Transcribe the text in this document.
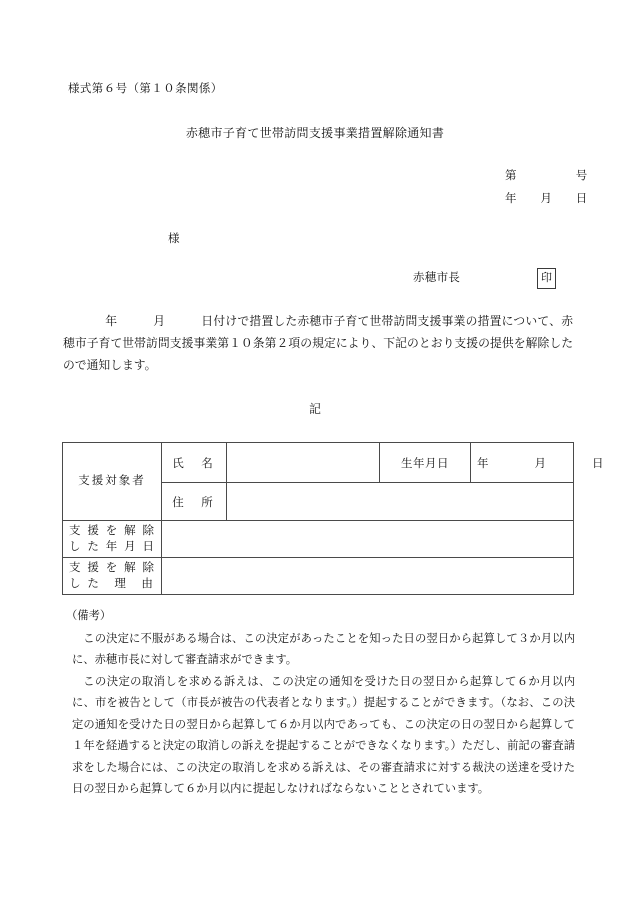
様式第６号（第１０条関係）
赤穂市子育て世帯訪問支援事業措置解除通知書
第　　　　　号
年　　月　　日
様
赤穂市長	印
年　　　月　　　日付けで措置した赤穂市子育て世帯訪問支援事業の措置について、赤穂市子育て世帯訪問支援事業第１０条第２項の規定により、下記のとおり支援の提供を解除したので通知します。
記
支援対象者	氏　名		生年月日	年　　　　月　　　　日
	住　所			

支 援 を 解 除
し た 年 月 日				

支 援 を 解 除
し た　理　由				

（備考）

この決定に不服がある場合は、この決定があったことを知った日の翌日から起算して３か月以内に、赤穂市長に対して審査請求ができます。

この決定の取消しを求める訴えは、この決定の通知を受けた日の翌日から起算して６か月以内に、市を被告として（市長が被告の代表者となります。）提起することができます。（なお、この決定の通知を受けた日の翌日から起算して６か月以内であっても、この決定の日の翌日から起算して１年を経過すると決定の取消しの訴えを提起することができなくなります。）ただし、前記の審査請求をした場合には、この決定の取消しを求める訴えは、その審査請求に対する裁決の送達を受けた日の翌日から起算して６か月以内に提起しなければならないこととされています。
